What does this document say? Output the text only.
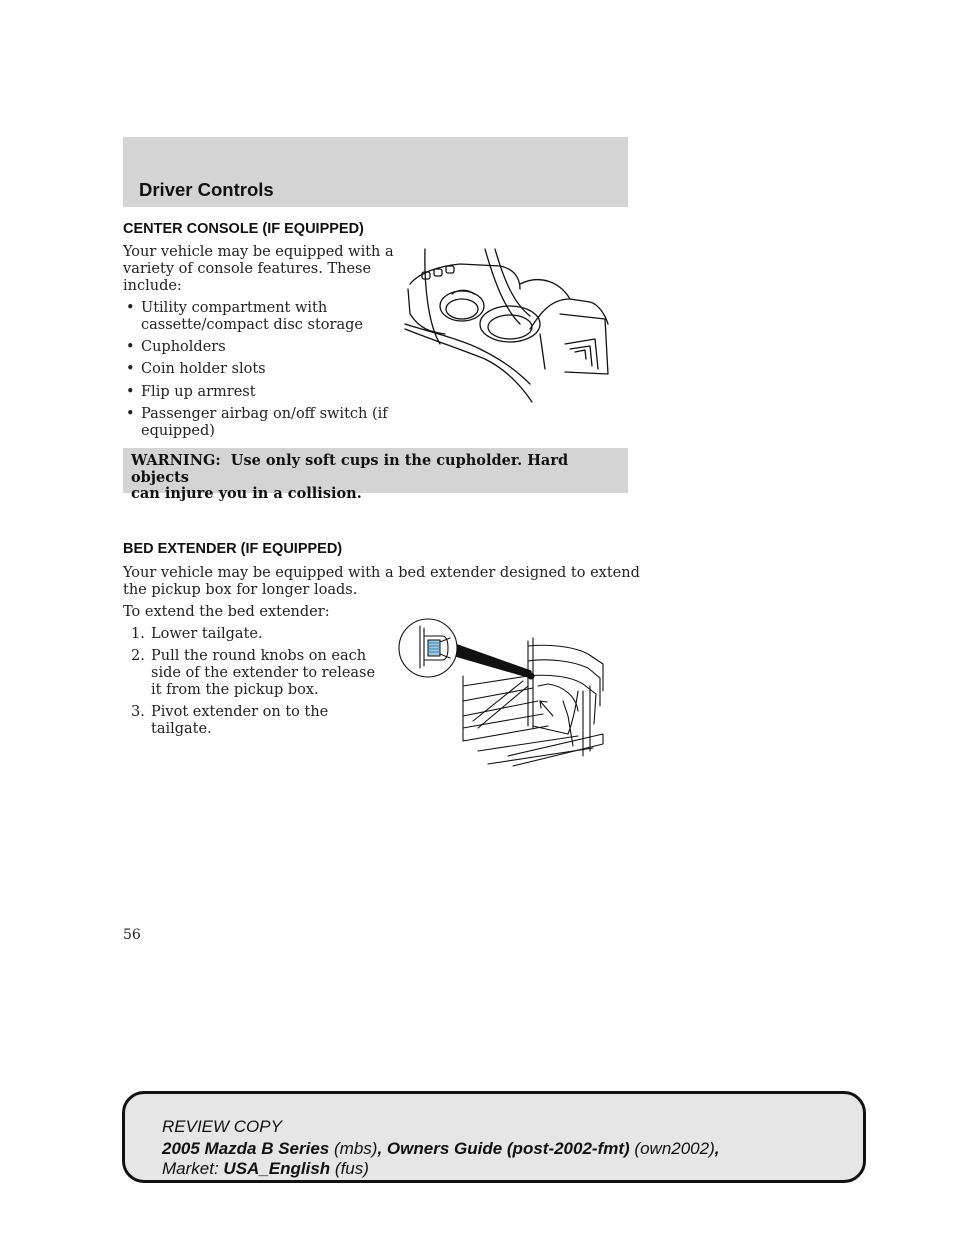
Driver Controls
CENTER CONSOLE (IF EQUIPPED)
Your vehicle may be equipped with a
variety of console features. These
include:
• Utility compartment with
cassette/compact disc storage
• Cupholders
• Coin holder slots
• Flip up armrest
• Passenger airbag on/off switch (if
equipped)
WARNING: Use only soft cups in the cupholder. Hard objects
can injure you in a collision.
BED EXTENDER (IF EQUIPPED)
Your vehicle may be equipped with a bed extender designed to extend
the pickup box for longer loads.
To extend the bed extender:
1. Lower tailgate.
2. Pull the round knobs on each
side of the extender to release
it from the pickup box.
3. Pivot extender on to the
tailgate.
56
REVIEW COPY
2005 Mazda B Series (mbs), Owners Guide (post-2002-fmt) (own2002),
Market: USA_English (fus)
